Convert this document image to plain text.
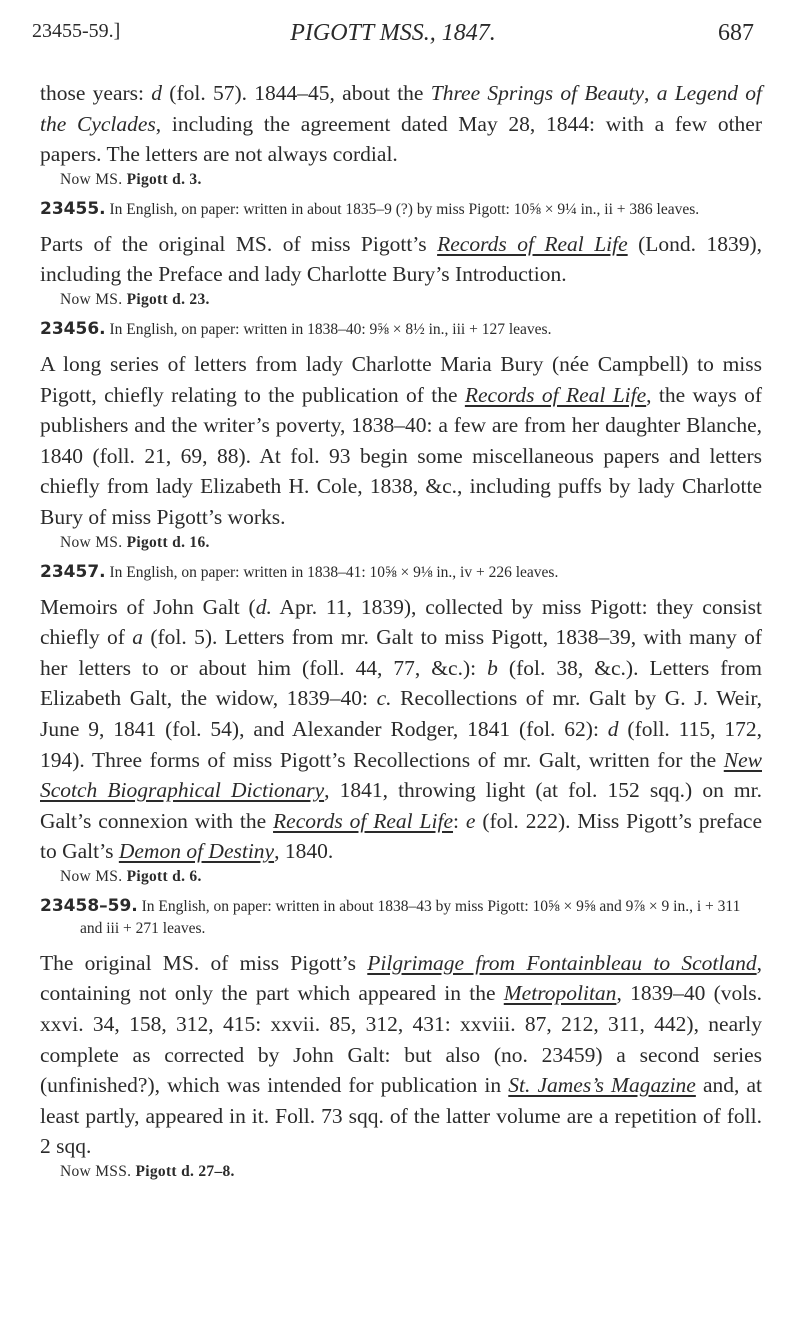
23455-59.]	PIGOTT MSS., 1847.	687

those years: d (fol. 57). 1844–45, about the Three Springs of Beauty, a Legend of the Cyclades, including the agreement dated May 28, 1844: with a few other papers. The letters are not always cordial.

Now MS. Pigott d. 3.
23455. In English, on paper: written in about 1835–9 (?) by miss Pigott: 10⅝ × 9¼ in., ii + 386 leaves.

Parts of the original MS. of miss Pigott’s Records of Real Life (Lond. 1839), including the Preface and lady Charlotte Bury’s Introduction.

Now MS. Pigott d. 23.
23456. In English, on paper: written in 1838–40: 9⅝ × 8½ in., iii + 127 leaves.

A long series of letters from lady Charlotte Maria Bury (née Campbell) to miss Pigott, chiefly relating to the publication of the Records of Real Life, the ways of publishers and the writer’s poverty, 1838–40: a few are from her daughter Blanche, 1840 (foll. 21, 69, 88). At fol. 93 begin some miscellaneous papers and letters chiefly from lady Elizabeth H. Cole, 1838, &c., including puffs by lady Charlotte Bury of miss Pigott’s works.

Now MS. Pigott d. 16.
23457. In English, on paper: written in 1838–41: 10⅝ × 9⅛ in., iv + 226 leaves.

Memoirs of John Galt (d. Apr. 11, 1839), collected by miss Pigott: they consist chiefly of a (fol. 5). Letters from mr. Galt to miss Pigott, 1838–39, with many of her letters to or about him (foll. 44, 77, &c.): b (fol. 38, &c.). Letters from Elizabeth Galt, the widow, 1839–40: c. Recollections of mr. Galt by G. J. Weir, June 9, 1841 (fol. 54), and Alexander Rodger, 1841 (fol. 62): d (foll. 115, 172, 194). Three forms of miss Pigott’s Recollections of mr. Galt, written for the New Scotch Biographical Dictionary, 1841, throwing light (at fol. 152 sqq.) on mr. Galt’s connexion with the Records of Real Life: e (fol. 222). Miss Pigott’s preface to Galt’s Demon of Destiny, 1840.

Now MS. Pigott d. 6.
23458–59. In English, on paper: written in about 1838–43 by miss Pigott: 10⅝ × 9⅝ and 9⅞ × 9 in., i + 311 and iii + 271 leaves.

The original MS. of miss Pigott’s Pilgrimage from Fontainbleau to Scotland, containing not only the part which appeared in the Metropolitan, 1839–40 (vols. xxvi. 34, 158, 312, 415: xxvii. 85, 312, 431: xxviii. 87, 212, 311, 442), nearly complete as corrected by John Galt: but also (no. 23459) a second series (unfinished?), which was intended for publication in St. James’s Magazine and, at least partly, appeared in it. Foll. 73 sqq. of the latter volume are a repetition of foll. 2 sqq.

Now MSS. Pigott d. 27–8.
